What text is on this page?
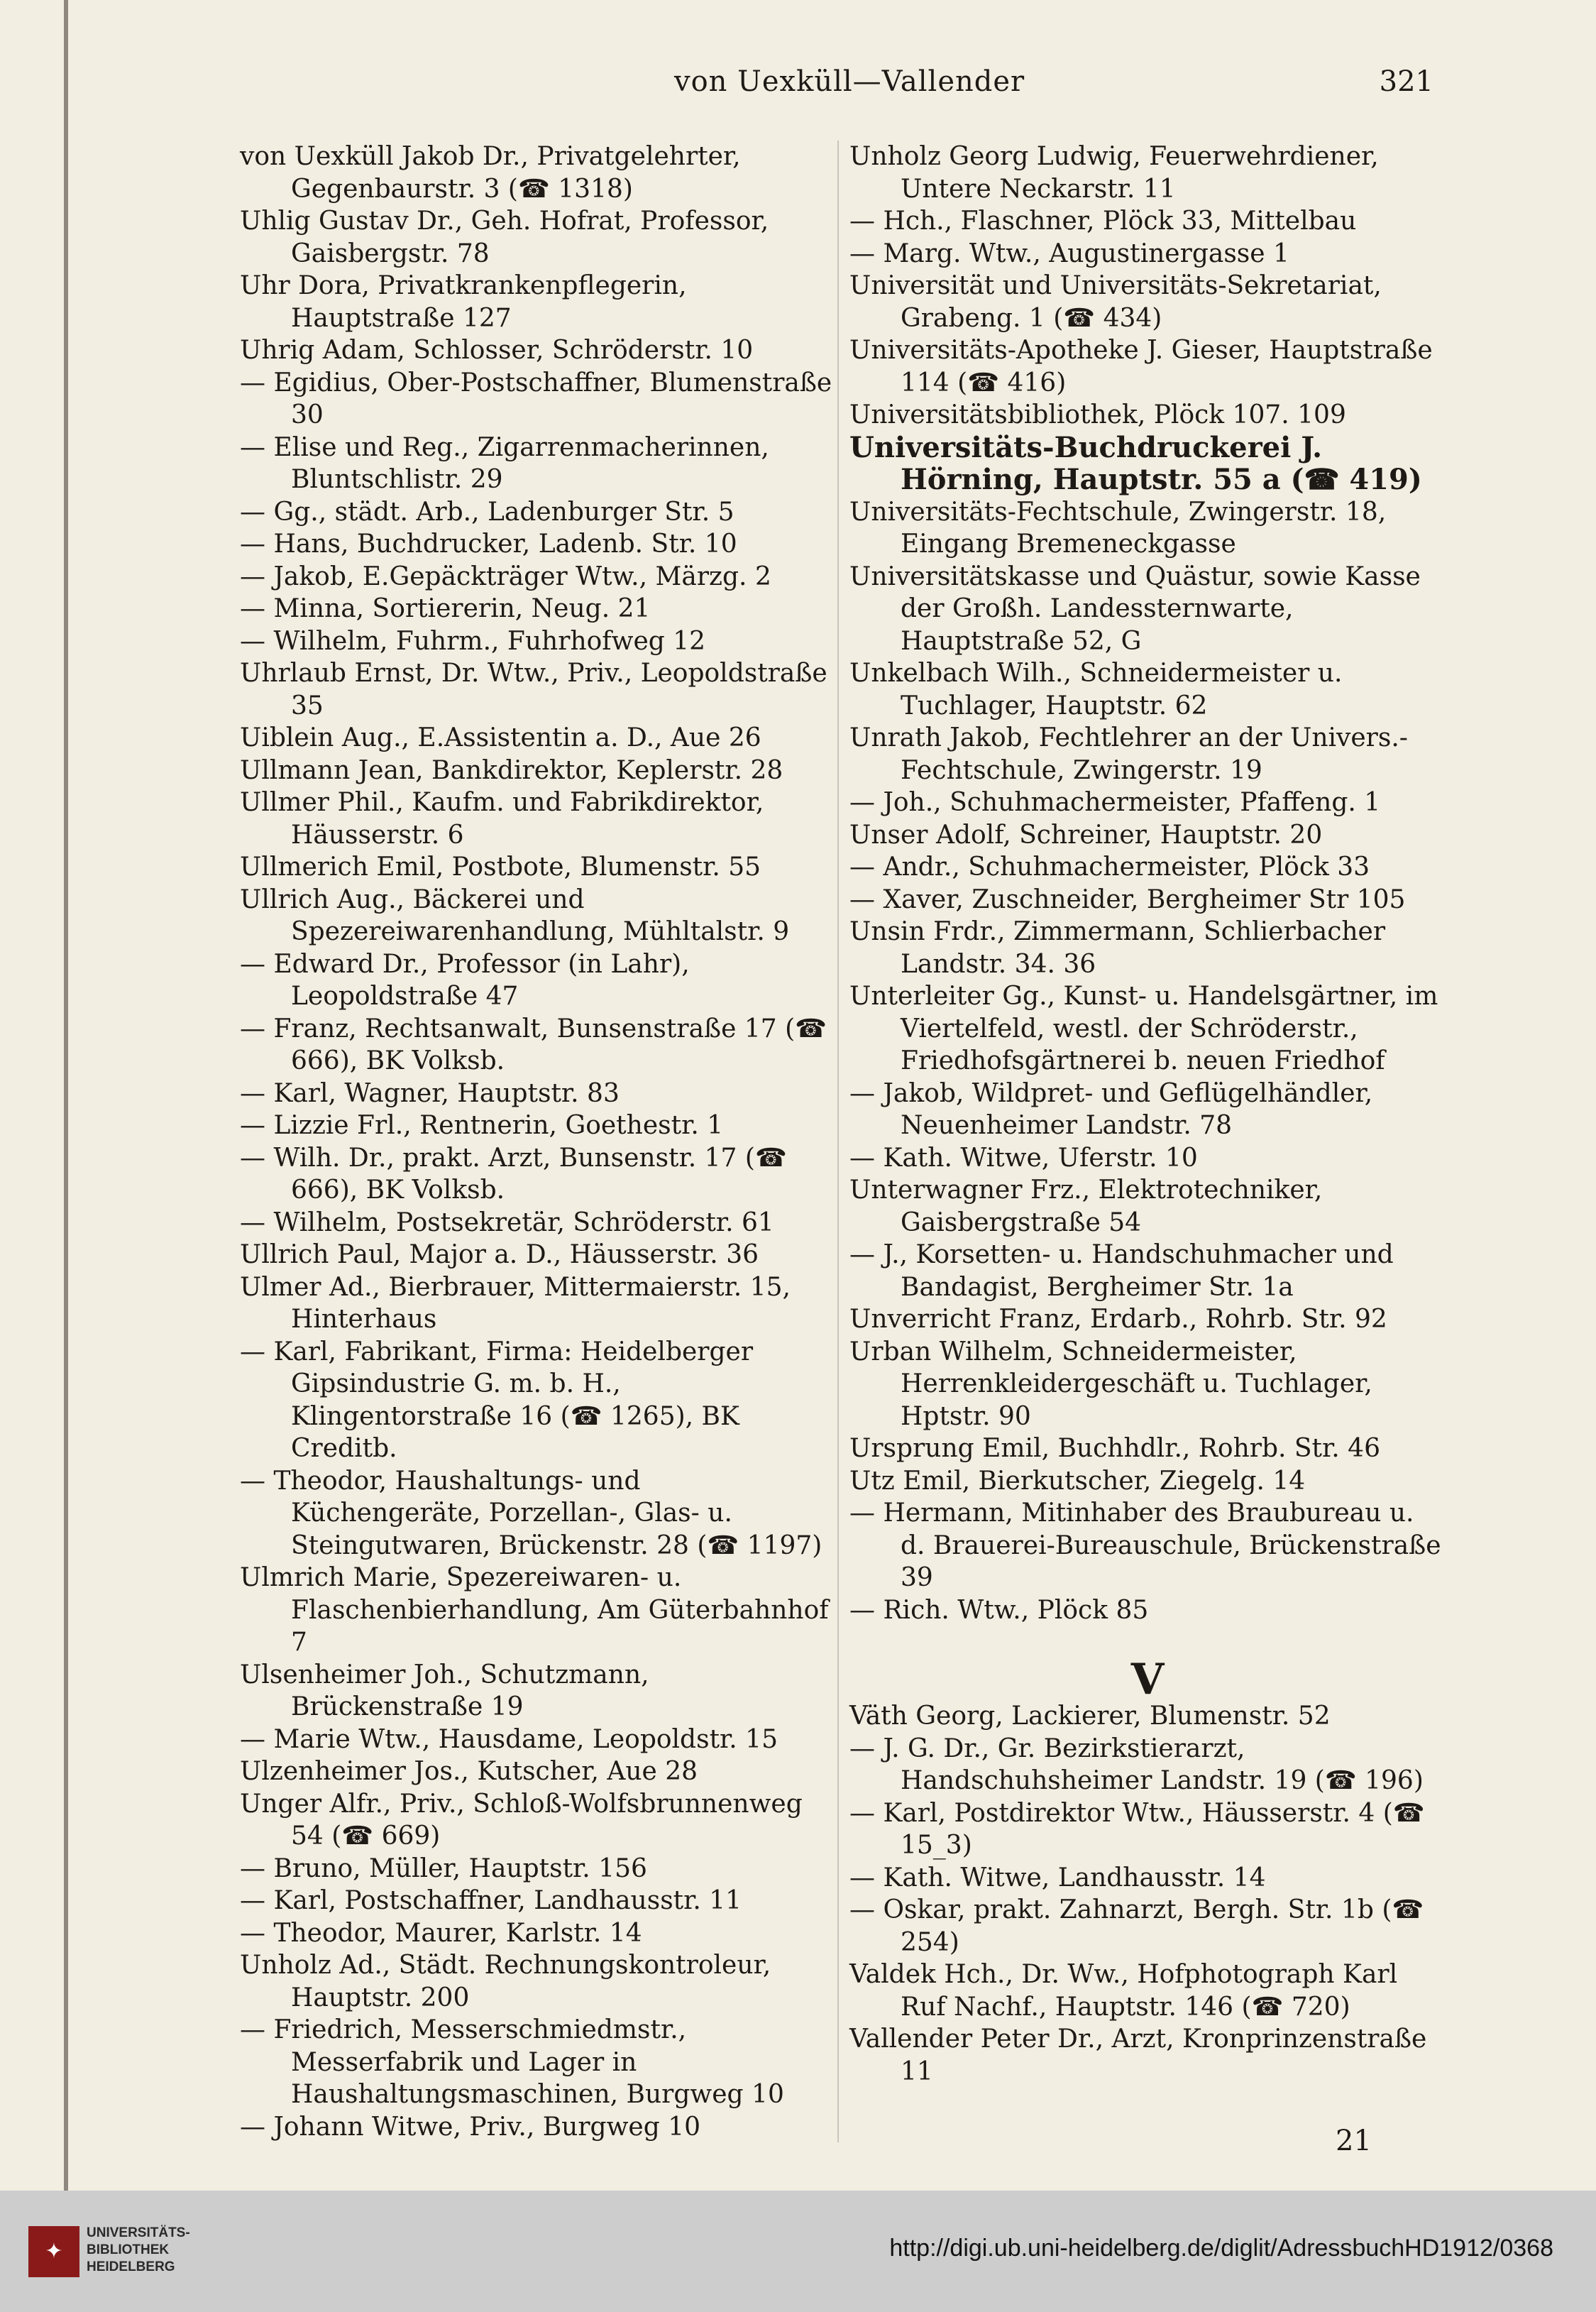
von Uexküll—Vallender	321
von Uexküll Jakob Dr., Privatgelehrter, Gegenbaurstr. 3 (☎ 1318)
Uhlig Gustav Dr., Geh. Hofrat, Professor, Gaisbergstr. 78
Uhr Dora, Privatkrankenpflegerin, Hauptstraße 127
Uhrig Adam, Schlosser, Schröderstr. 10
— Egidius, Ober-Postschaffner, Blumenstraße 30
— Elise und Reg., Zigarrenmacherinnen, Bluntschlistr. 29
— Gg., städt. Arb., Ladenburger Str. 5
— Hans, Buchdrucker, Ladenb. Str. 10
— Jakob, E.Gepäckträger Wtw., Märzg. 2
— Minna, Sortiererin, Neug. 21
— Wilhelm, Fuhrm., Fuhrhofweg 12
Uhrlaub Ernst, Dr. Wtw., Priv., Leopoldstraße 35
Uiblein Aug., E.Assistentin a. D., Aue 26
Ullmann Jean, Bankdirektor, Keplerstr. 28
Ullmer Phil., Kaufm. und Fabrikdirektor, Häusserstr. 6
Ullmerich Emil, Postbote, Blumenstr. 55
Ullrich Aug., Bäckerei und Spezereiwarenhandlung, Mühltalstr. 9
— Edward Dr., Professor (in Lahr), Leopoldstraße 47
— Franz, Rechtsanwalt, Bunsenstraße 17 (☎ 666), BK Volksb.
— Karl, Wagner, Hauptstr. 83
— Lizzie Frl., Rentnerin, Goethestr. 1
— Wilh. Dr., prakt. Arzt, Bunsenstr. 17 (☎ 666), BK Volksb.
— Wilhelm, Postsekretär, Schröderstr. 61
Ullrich Paul, Major a. D., Häusserstr. 36
Ulmer Ad., Bierbrauer, Mittermaierstr. 15, Hinterhaus
— Karl, Fabrikant, Firma: Heidelberger Gipsindustrie G. m. b. H., Klingentorstraße 16 (☎ 1265), BK Creditb.
— Theodor, Haushaltungs- und Küchengeräte, Porzellan-, Glas- u. Steingutwaren, Brückenstr. 28 (☎ 1197)
Ulmrich Marie, Spezereiwaren- u. Flaschenbierhandlung, Am Güterbahnhof 7
Ulsenheimer Joh., Schutzmann, Brückenstraße 19
— Marie Wtw., Hausdame, Leopoldstr. 15
Ulzenheimer Jos., Kutscher, Aue 28
Unger Alfr., Priv., Schloß-Wolfsbrunnenweg 54 (☎ 669)
— Bruno, Müller, Hauptstr. 156
— Karl, Postschaffner, Landhausstr. 11
— Theodor, Maurer, Karlstr. 14
Unholz Ad., Städt. Rechnungskontroleur, Hauptstr. 200
— Friedrich, Messerschmiedmstr., Messerfabrik und Lager in Haushaltungsmaschinen, Burgweg 10
— Johann Witwe, Priv., Burgweg 10
Unholz Georg Ludwig, Feuerwehrdiener, Untere Neckarstr. 11
— Hch., Flaschner, Plöck 33, Mittelbau
— Marg. Wtw., Augustinergasse 1
Universität und Universitäts-Sekretariat, Grabeng. 1 (☎ 434)
Universitäts-Apotheke J. Gieser, Hauptstraße 114 (☎ 416)
Universitätsbibliothek, Plöck 107. 109
Universitäts-Buchdruckerei J. Hörning, Hauptstr. 55 a (☎ 419)
Universitäts-Fechtschule, Zwingerstr. 18, Eingang Bremeneckgasse
Universitätskasse und Quästur, sowie Kasse der Großh. Landessternwarte, Hauptstraße 52, G
Unkelbach Wilh., Schneidermeister u. Tuchlager, Hauptstr. 62
Unrath Jakob, Fechtlehrer an der Univers.-Fechtschule, Zwingerstr. 19
— Joh., Schuhmachermeister, Pfaffeng. 1
Unser Adolf, Schreiner, Hauptstr. 20
— Andr., Schuhmachermeister, Plöck 33
— Xaver, Zuschneider, Bergheimer Str 105
Unsin Frdr., Zimmermann, Schlierbacher Landstr. 34. 36
Unterleiter Gg., Kunst- u. Handelsgärtner, im Viertelfeld, westl. der Schröderstr., Friedhofsgärtnerei b. neuen Friedhof
— Jakob, Wildpret- und Geflügelhändler, Neuenheimer Landstr. 78
— Kath. Witwe, Uferstr. 10
Unterwagner Frz., Elektrotechniker, Gaisbergstraße 54
— J., Korsetten- u. Handschuhmacher und Bandagist, Bergheimer Str. 1a
Unverricht Franz, Erdarb., Rohrb. Str. 92
Urban Wilhelm, Schneidermeister, Herrenkleidergeschäft u. Tuchlager, Hptstr. 90
Ursprung Emil, Buchhdlr., Rohrb. Str. 46
Utz Emil, Bierkutscher, Ziegelg. 14
— Hermann, Mitinhaber des Braubureau u. d. Brauerei-Bureauschule, Brückenstraße 39
— Rich. Wtw., Plöck 85
V
Väth Georg, Lackierer, Blumenstr. 52
— J. G. Dr., Gr. Bezirkstierarzt, Handschuhsheimer Landstr. 19 (☎ 196)
— Karl, Postdirektor Wtw., Häusserstr. 4 (☎ 15_3)
— Kath. Witwe, Landhausstr. 14
— Oskar, prakt. Zahnarzt, Bergh. Str. 1b (☎ 254)
Valdek Hch., Dr. Ww., Hofphotograph Karl Ruf Nachf., Hauptstr. 146 (☎ 720)
Vallender Peter Dr., Arzt, Kronprinzenstraße 11
21
✦
UNIVERSITÄTS-
BIBLIOTHEK
HEIDELBERG
http://digi.ub.uni-heidelberg.de/diglit/AdressbuchHD1912/0368
